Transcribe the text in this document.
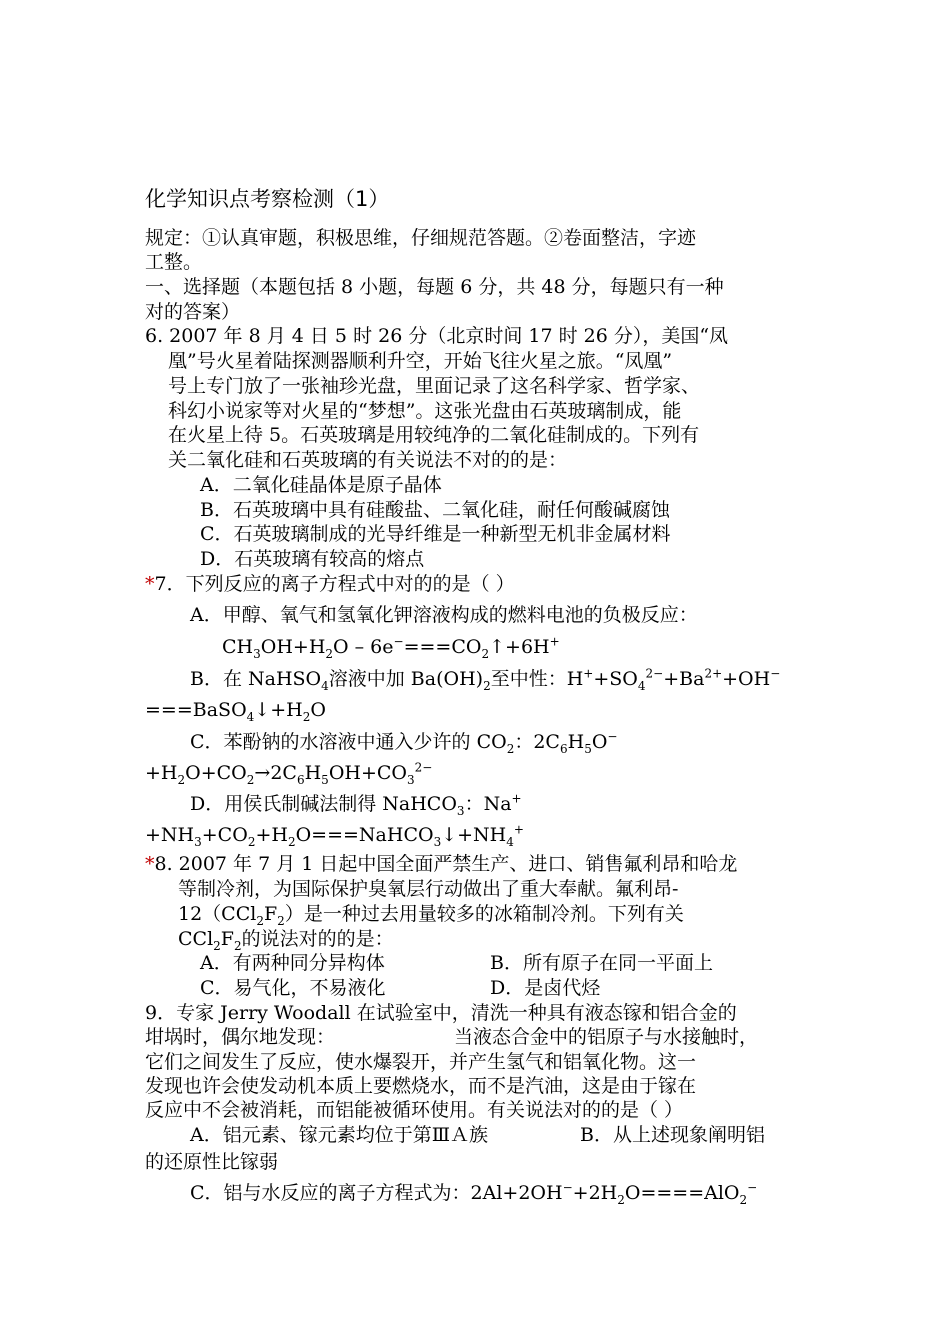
化学知识点考察检测（1）
规定：①认真审题，积极思维，仔细规范答题。②卷面整洁，字迹
工整。
一、选择题（本题包括 8 小题，每题 6 分，共 48 分，每题只有一种
对的答案）
6. 2007 年 8 月 4 日 5 时 26 分（北京时间 17 时 26 分），美国“凤
凰”号火星着陆探测器顺利升空，开始飞往火星之旅。“凤凰”
号上专门放了一张袖珍光盘，里面记录了这名科学家、哲学家、
科幻小说家等对火星的“梦想”。这张光盘由石英玻璃制成，能
在火星上待 5。石英玻璃是用较纯净的二氧化硅制成的。下列有
关二氧化硅和石英玻璃的有关说法不对的的是：
A．二氧化硅晶体是原子晶体
B．石英玻璃中具有硅酸盐、二氧化硅，耐任何酸碱腐蚀
C．石英玻璃制成的光导纤维是一种新型无机非金属材料
D．石英玻璃有较高的熔点
*7．下列反应的离子方程式中对的的是（ ）
A．甲醇、氧气和氢氧化钾溶液构成的燃料电池的负极反应：
$CH_3OH+H_2O$ – $6e^-===CO_2↑+6H^+$
B．在 NaHSO$_4$溶液中加 $Ba(OH)_2$至中性：$H^++SO_4^{2-}+Ba^{2+}+OH^-$
$===BaSO_4↓+H_2O$
C．苯酚钠的水溶液中通入少许的 $CO_2$：$2C_6H_5O^-$
$+H_2O+CO_2\to 2C_6H_5OH+CO_3^{2-}$
D．用侯氏制碱法制得 NaHCO$_3$：Na+
$+NH_3+CO_2+H_2O===NaHCO_3↓+NH_4^+$
*8. 2007 年 7 月 1 日起中国全面严禁生产、进口、销售氟利昂和哈龙
等制冷剂，为国际保护臭氧层行动做出了重大奉献。氟利昂-
$12(CCl_2F_2)$是一种过去用量较多的冰箱制冷剂。下列有关
$CCl_2F_2$的说法对的的是：
A．有两种同分异构体	B．所有原子在同一平面上
C．易气化，不易液化	D．是卤代烃
9．专家 Jerry Woodall 在试验室中，清洗一种具有液态镓和铝合金的
坩埚时，偶尔地发现：	当液态合金中的铝原子与水接触时，
它们之间发生了反应，使水爆裂开，并产生氢气和铝氧化物。这一
发现也许会使发动机本质上要燃烧水，而不是汽油，这是由于镓在
反应中不会被消耗，而铝能被循环使用。有关说法对的的是（ ）
A．铝元素、镓元素均位于第ⅢＡ族	B．从上述现象阐明铝
的还原性比镓弱
C．铝与水反应的离子方程式为：$2Al+2OH^-+2H_2O====AlO_2^-$
